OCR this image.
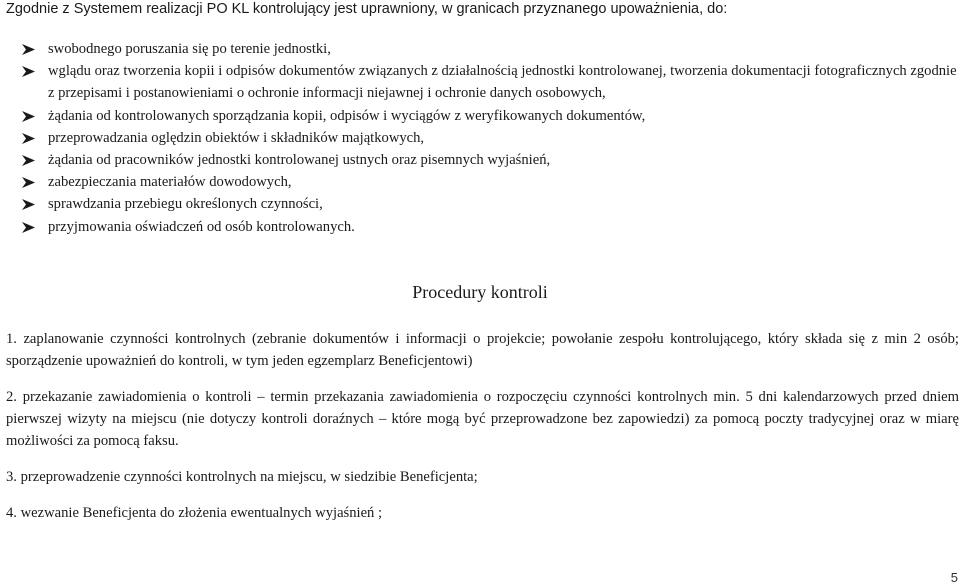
Zgodnie z Systemem realizacji PO KL kontrolujący jest uprawniony, w granicach przyznanego upoważnienia, do:
swobodnego poruszania się po terenie jednostki,
wglądu oraz tworzenia kopii i odpisów dokumentów związanych z działalnością jednostki kontrolowanej, tworzenia dokumentacji fotograficznych zgodnie z przepisami i postanowieniami o ochronie informacji niejawnej i ochronie danych osobowych,
żądania od kontrolowanych sporządzania kopii, odpisów i wyciągów z weryfikowanych dokumentów,
przeprowadzania oględzin obiektów i składników majątkowych,
żądania od pracowników jednostki kontrolowanej ustnych oraz pisemnych wyjaśnień,
zabezpieczania materiałów dowodowych,
sprawdzania przebiegu określonych czynności,
przyjmowania oświadczeń od osób kontrolowanych.
Procedury kontroli
1. zaplanowanie czynności kontrolnych (zebranie dokumentów i informacji o projekcie; powołanie zespołu kontrolującego, który składa się z min 2 osób; sporządzenie upoważnień do kontroli, w tym jeden egzemplarz Beneficjentowi)
2. przekazanie zawiadomienia o kontroli – termin przekazania zawiadomienia o rozpoczęciu czynności kontrolnych min. 5 dni kalendarzowych przed dniem pierwszej wizyty na miejscu (nie dotyczy kontroli doraźnych – które mogą być przeprowadzone bez zapowiedzi) za pomocą poczty tradycyjnej oraz w miarę możliwości za pomocą faksu.
3. przeprowadzenie czynności kontrolnych na miejscu, w siedzibie Beneficjenta;
4. wezwanie Beneficjenta do złożenia ewentualnych wyjaśnień ;
5
